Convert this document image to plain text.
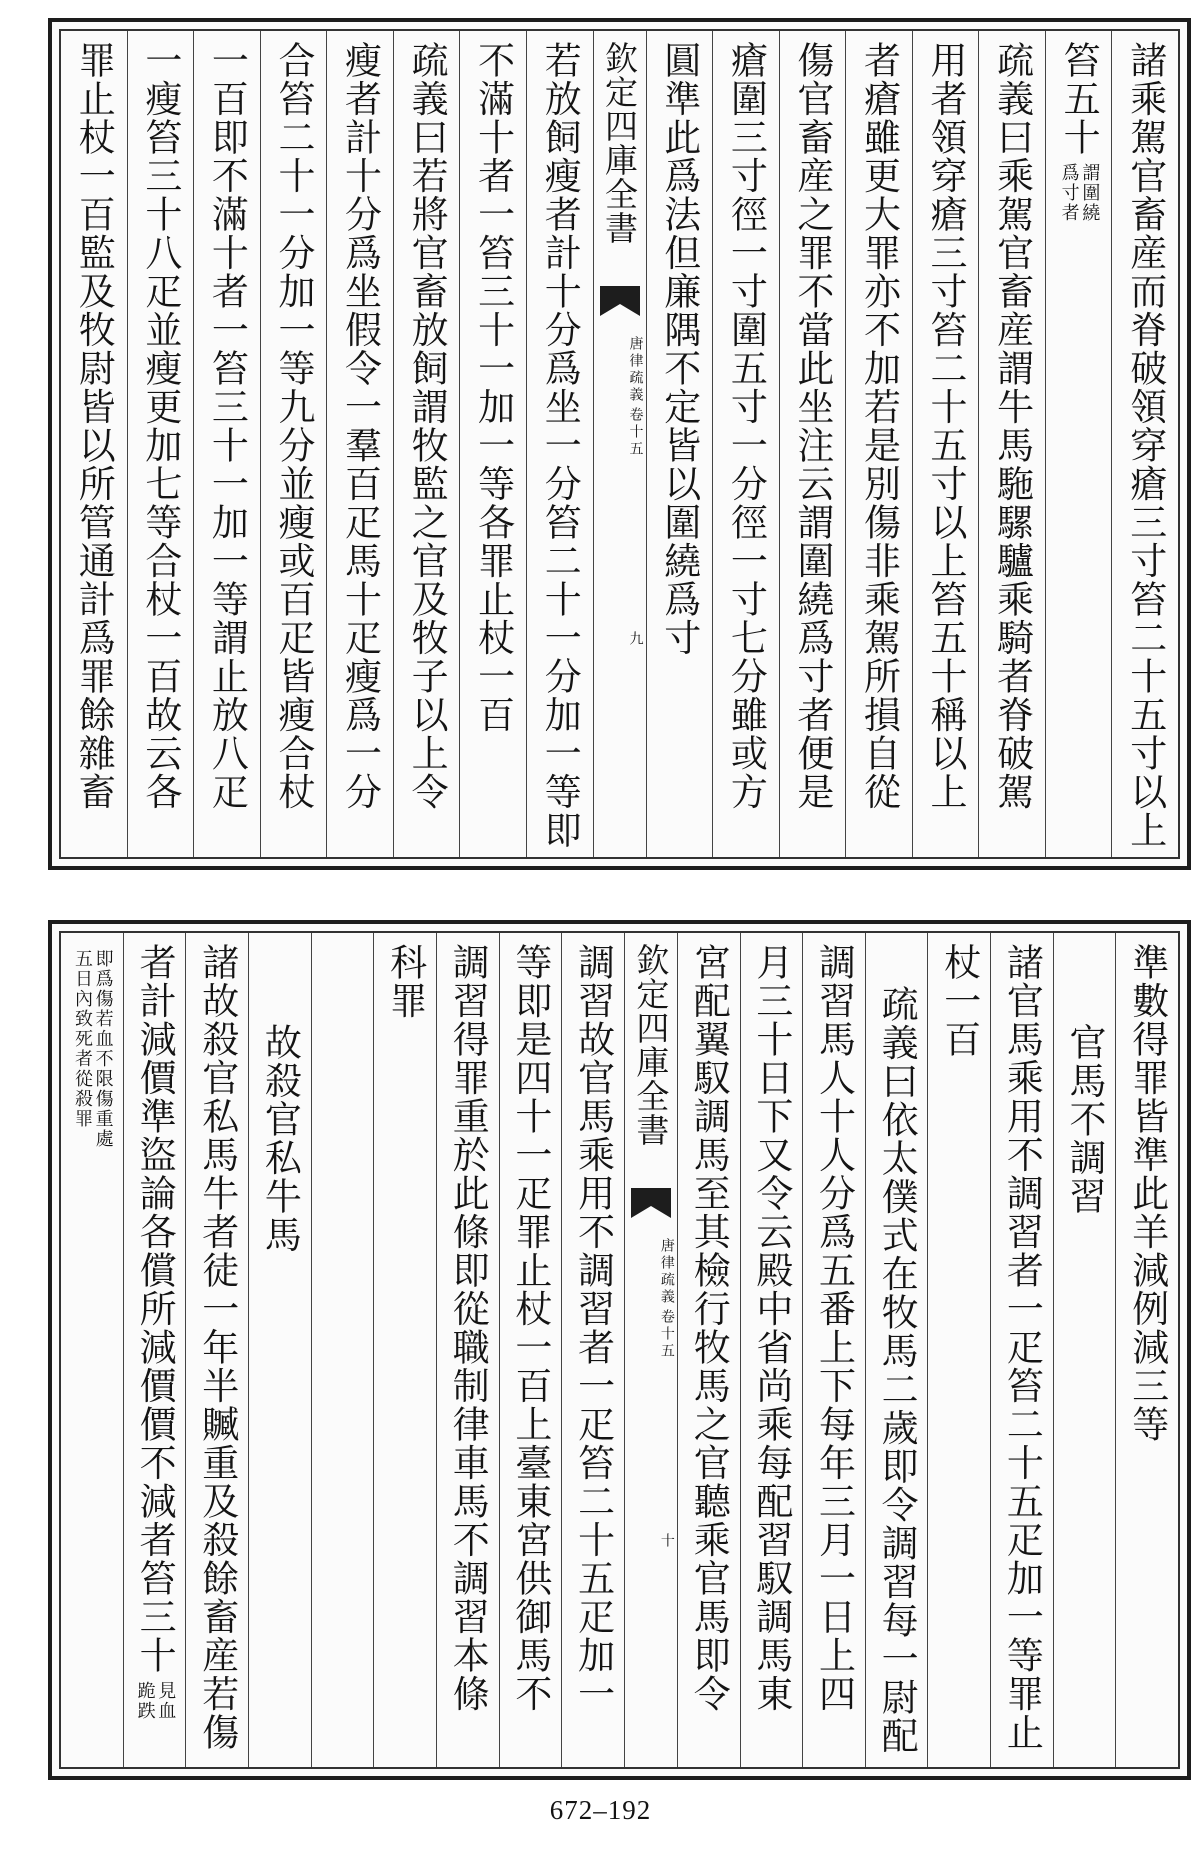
諸乘駕官畜産而脊破領穿瘡三寸笞二十五寸以上
笞五十
謂圍繞
爲寸者
疏義曰乘駕官畜産謂牛馬駞騾驢乘騎者脊破駕
用者領穿瘡三寸笞二十五寸以上笞五十稱以上
者瘡雖更大罪亦不加若是別傷非乘駕所損自從
傷官畜産之罪不當此坐注云謂圍繞爲寸者便是
瘡圍三寸徑一寸圍五寸一分徑一寸七分雖或方
圓準此爲法但廉隅不定皆以圍繞爲寸
欽定四庫全書
唐律疏義
卷十五
九
若放飼瘦者計十分爲坐一分笞二十一分加一等即
不滿十者一笞三十一加一等各罪止杖一百
疏義曰若將官畜放飼謂牧監之官及牧子以上令
瘦者計十分爲坐假令一羣百疋馬十疋瘦爲一分
合笞二十一分加一等九分並瘦或百疋皆瘦合杖
一百即不滿十者一笞三十一加一等謂止放八疋
一瘦笞三十八疋並瘦更加七等合杖一百故云各
罪止杖一百監及牧尉皆以所管通計爲罪餘雜畜
準數得罪皆準此羊減例減三等
官馬不調習
諸官馬乘用不調習者一疋笞二十五疋加一等罪止
杖一百
疏義曰依太僕式在牧馬二歲即令調習每一尉配
調習馬人十人分爲五番上下每年三月一日上四
月三十日下又令云殿中省尚乘每配習馭調馬東
宮配翼馭調馬至其檢行牧馬之官聽乘官馬即令
欽定四庫全書
唐律疏義
卷十五
十
調習故官馬乘用不調習者一疋笞二十五疋加一
等即是四十一疋罪止杖一百上臺東宮供御馬不
調習得罪重於此條即從職制律車馬不調習本條
科罪
故殺官私牛馬
諸故殺官私馬牛者徒一年半贓重及殺餘畜産若傷
者計減價準盜論各償所減價價不減者笞三十
見血
跪跌
即爲傷若血不限傷重處
五日內致死者從殺罪
672–192
